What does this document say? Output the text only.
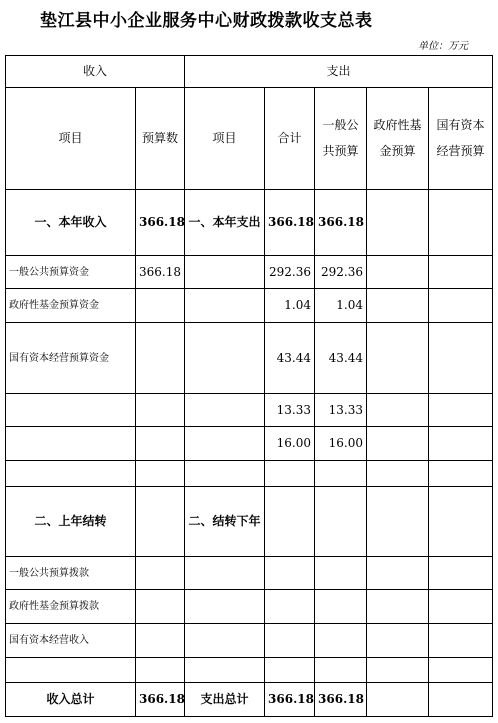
垫江县中小企业服务中心财政拨款收支总表
单位：万元
收入		支出				
项目	预算数	项目	合计	一般公共预算	政府性基金预算	国有资本经营预算
一、本年收入	366.18	一、本年支出	366.18	366.18		
一般公共预算资金	366.18		292.36	292.36		
政府性基金预算资金			1.04	1.04		
国有资本经营预算资金			43.44	43.44		
			13.33	13.33		
			16.00	16.00		

二、上年结转		二、结转下年				
一般公共预算拨款						
政府性基金预算拨款						
国有资本经营收入						

收入总计	366.18	支出总计	366.18	366.18		
